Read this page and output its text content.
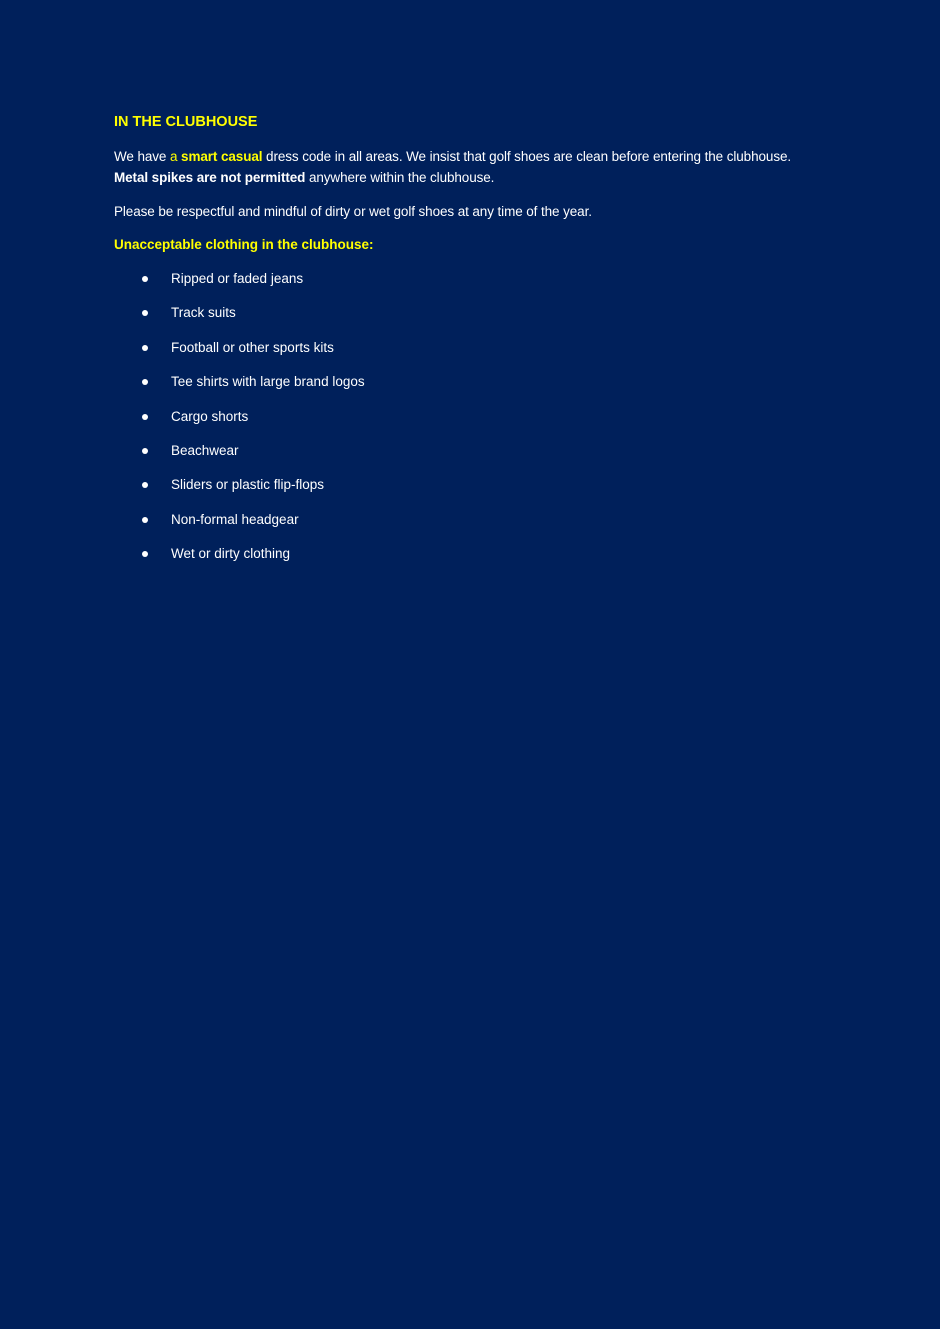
IN THE CLUBHOUSE

We have a smart casual dress code in all areas. We insist that golf shoes are clean before entering the clubhouse. Metal spikes are not permitted anywhere within the clubhouse.

Please be respectful and mindful of dirty or wet golf shoes at any time of the year.

Unacceptable clothing in the clubhouse:
Ripped or faded jeans
Track suits
Football or other sports kits
Tee shirts with large brand logos
Cargo shorts
Beachwear
Sliders or plastic flip-flops
Non-formal headgear
Wet or dirty clothing
